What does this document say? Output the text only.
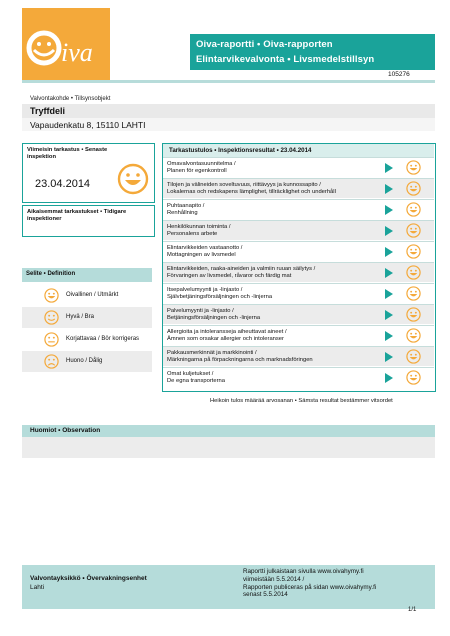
iva	Oiva-raportti • Oiva-rapporten
Elintarvikevalvonta • Livsmedelstillsyn
105276
Valvontakohde • Tillsynsobjekt
Tryffdeli
Vapaudenkatu 8, 15110 LAHTI
Viimeisin tarkastus • Senaste inspektion
23.04.2014
Aikaisemmat tarkastukset • Tidigare inspektioner
Selite • Definition
Oivallinen / Utmärkt
Hyvä / Bra
Korjattavaa / Bör korrigeras
Huono / Dålig
Tarkastustulos • Inspektionsresultat • 23.04.2014
Omavalvontasuunnitelma /
Planen för egenkontroll
Tilojen ja välineiden soveltuvuus, riittävyys ja kunnossapito /
Lokalernas och redskapens lämplighet, tillräcklighet och underhåll
Puhtaanapito /
Renhållning
Henkilökunnan toiminta /
Personalens arbete
Elintarvikkeiden vastaanotto /
Mottagningen av livsmedel
Elintarvikkeiden, raaka-aineiden ja valmiin ruuan säilytys /
Förvaringen av livsmedel, råvaror och färdig mat
Itsepalvelumyynti ja -linjasto /
Självbetjäningsförsäljningen och -linjerna
Palvelumyynti ja -linjasto /
Betjäningsförsäljningen och -linjerna
Allergioita ja intoleransseja aiheuttavat aineet /
Ämnen som orsakar allergier och intoleranser
Pakkausmerkinnät ja markkinointi /
Märkningarna på förpackningarna och marknadsföringen
Omat kuljetukset /
De egna transporterna
Heikoin tulos määrää arvosanan • Sämsta resultat bestämmer vitsordet
Huomiot • Observation
Valvontayksikkö • Övervakningsenhet
Lahti
Raportti julkaistaan sivulla www.oivahymy.fi
viimeistään 5.5.2014 /
Rapporten publiceras på sidan www.oivahymy.fi
senast 5.5.2014
1/1
